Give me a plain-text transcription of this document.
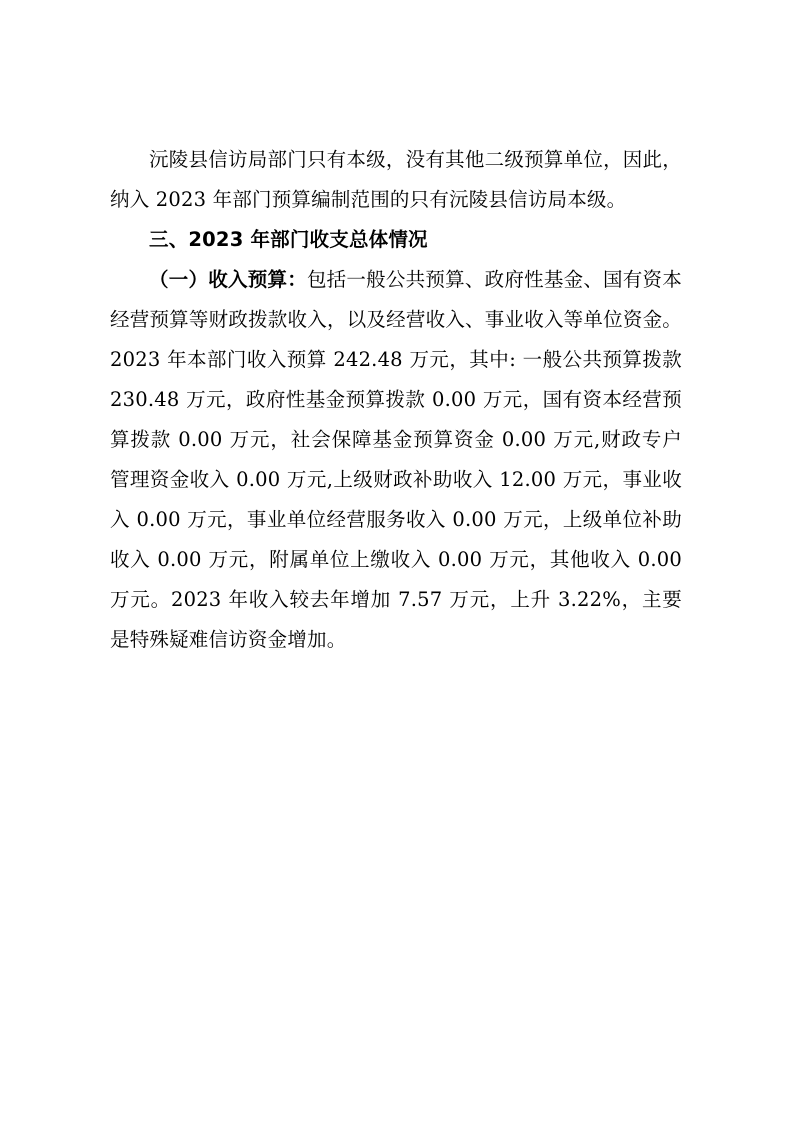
沅陵县信访局部门只有本级，没有其他二级预算单位，因此，纳入 2023 年部门预算编制范围的只有沅陵县信访局本级。

三、2023 年部门收支总体情况

（一）收入预算：包括一般公共预算、政府性基金、国有资本经营预算等财政拨款收入，以及经营收入、事业收入等单位资金。2023 年本部门收入预算 242.48 万元，其中: 一般公共预算拨款 230.48 万元，政府性基金预算拨款 0.00 万元，国有资本经营预算拨款 0.00 万元，社会保障基金预算资金 0.00 万元,财政专户管理资金收入 0.00 万元,上级财政补助收入 12.00 万元，事业收入 0.00 万元，事业单位经营服务收入 0.00 万元，上级单位补助收入 0.00 万元，附属单位上缴收入 0.00 万元，其他收入 0.00 万元。2023 年收入较去年增加 7.57 万元，上升 3.22%，主要是特殊疑难信访资金增加。
